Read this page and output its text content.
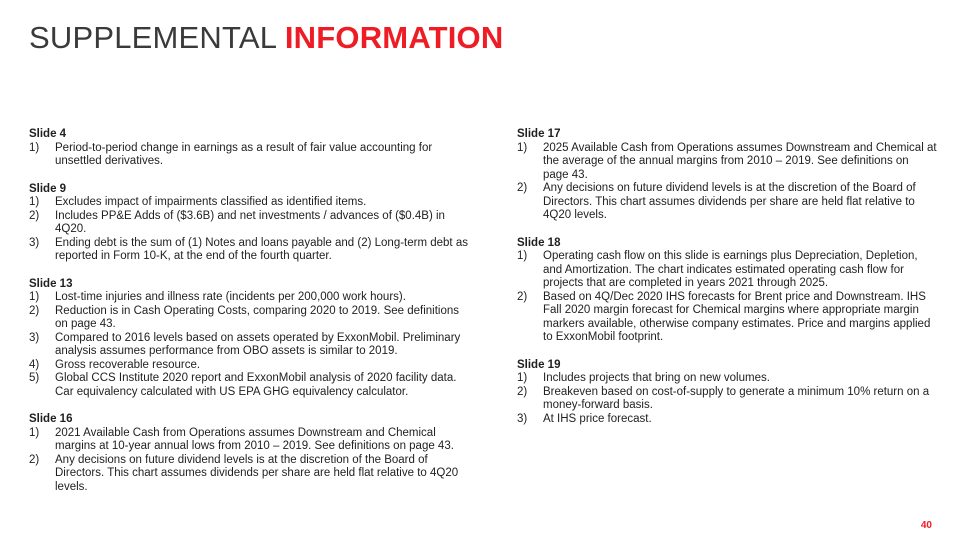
SUPPLEMENTAL INFORMATION
Slide 4
1)	Period-to-period change in earnings as a result of fair value accounting for unsettled derivatives.
Slide 9
1)	Excludes impact of impairments classified as identified items.
2)	Includes PP&E Adds of ($3.6B) and net investments / advances of ($0.4B) in 4Q20.
3)	Ending debt is the sum of (1) Notes and loans payable and (2) Long-term debt as reported in Form 10-K, at the end of the fourth quarter.
Slide 13
1)	Lost-time injuries and illness rate (incidents per 200,000 work hours).
2)	Reduction is in Cash Operating Costs, comparing 2020 to 2019. See definitions on page 43.
3)	Compared to 2016 levels based on assets operated by ExxonMobil. Preliminary analysis assumes performance from OBO assets is similar to 2019.
4)	Gross recoverable resource.
5)	Global CCS Institute 2020 report and ExxonMobil analysis of 2020 facility data. Car equivalency calculated with US EPA GHG equivalency calculator.
Slide 16
1)	2021 Available Cash from Operations assumes Downstream and Chemical margins at 10-year annual lows from 2010 – 2019. See definitions on page 43.
2)	Any decisions on future dividend levels is at the discretion of the Board of Directors. This chart assumes dividends per share are held flat relative to 4Q20 levels.
Slide 17
1)	2025 Available Cash from Operations assumes Downstream and Chemical at the average of the annual margins from 2010 – 2019. See definitions on page 43.
2)	Any decisions on future dividend levels is at the discretion of the Board of Directors. This chart assumes dividends per share are held flat relative to 4Q20 levels.
Slide 18
1)	Operating cash flow on this slide is earnings plus Depreciation, Depletion, and Amortization. The chart indicates estimated operating cash flow for projects that are completed in years 2021 through 2025.
2)	Based on 4Q/Dec 2020 IHS forecasts for Brent price and Downstream. IHS Fall 2020 margin forecast for Chemical margins where appropriate margin markers available, otherwise company estimates. Price and margins applied to ExxonMobil footprint.
Slide 19
1)	Includes projects that bring on new volumes.
2)	Breakeven based on cost-of-supply to generate a minimum 10% return on a money-forward basis.
3)	At IHS price forecast.
40
